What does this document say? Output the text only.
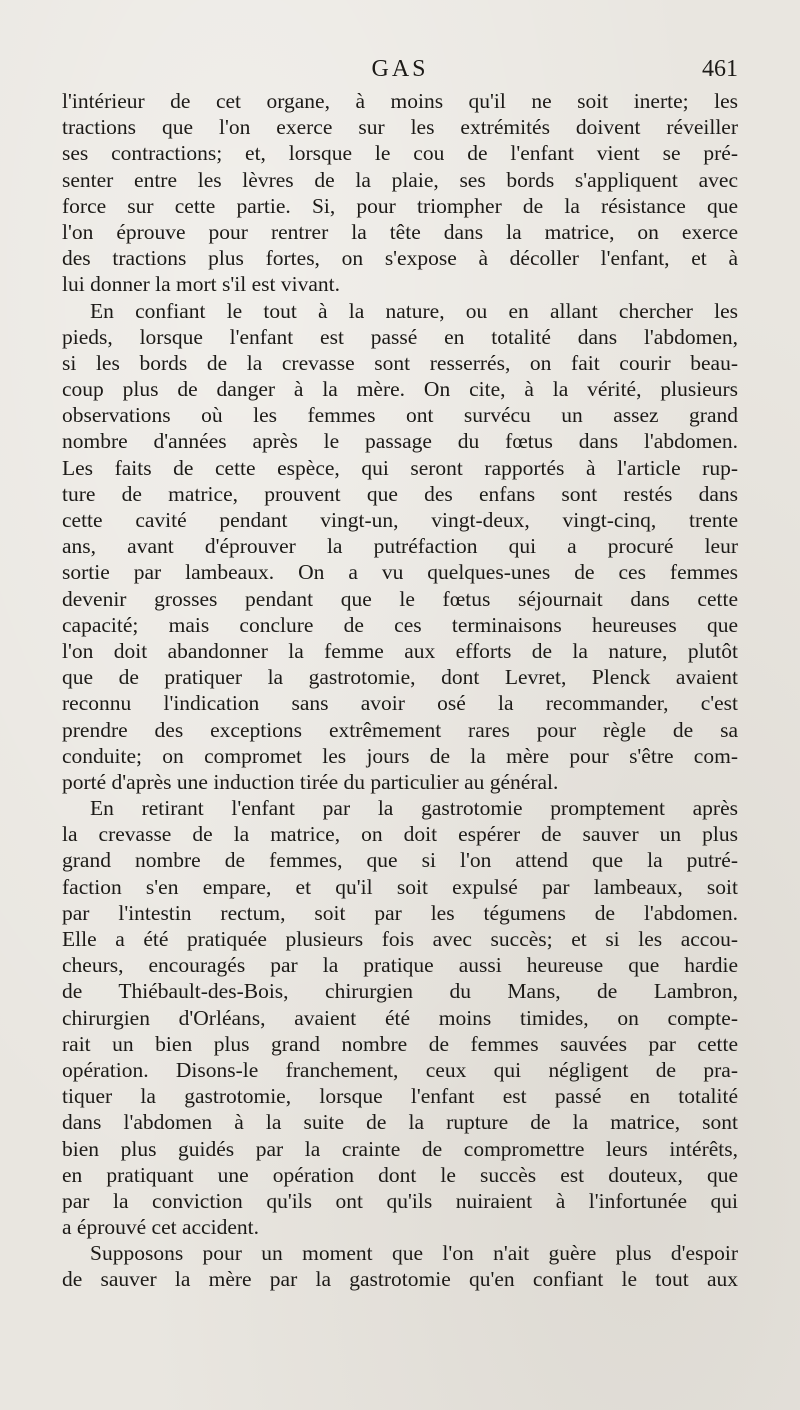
GAS	461
l'intérieur de cet organe, à moins qu'il ne soit inerte; les
tractions que l'on exerce sur les extrémités doivent réveiller
ses contractions; et, lorsque le cou de l'enfant vient se pré-
senter entre les lèvres de la plaie, ses bords s'appliquent avec
force sur cette partie. Si, pour triompher de la résistance que
l'on éprouve pour rentrer la tête dans la matrice, on exerce
des tractions plus fortes, on s'expose à décoller l'enfant, et à
lui donner la mort s'il est vivant.
En confiant le tout à la nature, ou en allant chercher les
pieds, lorsque l'enfant est passé en totalité dans l'abdomen,
si les bords de la crevasse sont resserrés, on fait courir beau-
coup plus de danger à la mère. On cite, à la vérité, plusieurs
observations où les femmes ont survécu un assez grand
nombre d'années après le passage du fœtus dans l'abdomen.
Les faits de cette espèce, qui seront rapportés à l'article rup-
ture de matrice, prouvent que des enfans sont restés dans
cette cavité pendant vingt-un, vingt-deux, vingt-cinq, trente
ans, avant d'éprouver la putréfaction qui a procuré leur
sortie par lambeaux. On a vu quelques-unes de ces femmes
devenir grosses pendant que le fœtus séjournait dans cette
capacité; mais conclure de ces terminaisons heureuses que
l'on doit abandonner la femme aux efforts de la nature, plutôt
que de pratiquer la gastrotomie, dont Levret, Plenck avaient
reconnu l'indication sans avoir osé la recommander, c'est
prendre des exceptions extrêmement rares pour règle de sa
conduite; on compromet les jours de la mère pour s'être com-
porté d'après une induction tirée du particulier au général.
En retirant l'enfant par la gastrotomie promptement après
la crevasse de la matrice, on doit espérer de sauver un plus
grand nombre de femmes, que si l'on attend que la putré-
faction s'en empare, et qu'il soit expulsé par lambeaux, soit
par l'intestin rectum, soit par les tégumens de l'abdomen.
Elle a été pratiquée plusieurs fois avec succès; et si les accou-
cheurs, encouragés par la pratique aussi heureuse que hardie
de Thiébault-des-Bois, chirurgien du Mans, de Lambron,
chirurgien d'Orléans, avaient été moins timides, on compte-
rait un bien plus grand nombre de femmes sauvées par cette
opération. Disons-le franchement, ceux qui négligent de pra-
tiquer la gastrotomie, lorsque l'enfant est passé en totalité
dans l'abdomen à la suite de la rupture de la matrice, sont
bien plus guidés par la crainte de compromettre leurs intérêts,
en pratiquant une opération dont le succès est douteux, que
par la conviction qu'ils ont qu'ils nuiraient à l'infortunée qui
a éprouvé cet accident.
Supposons pour un moment que l'on n'ait guère plus d'espoir
de sauver la mère par la gastrotomie qu'en confiant le tout aux
